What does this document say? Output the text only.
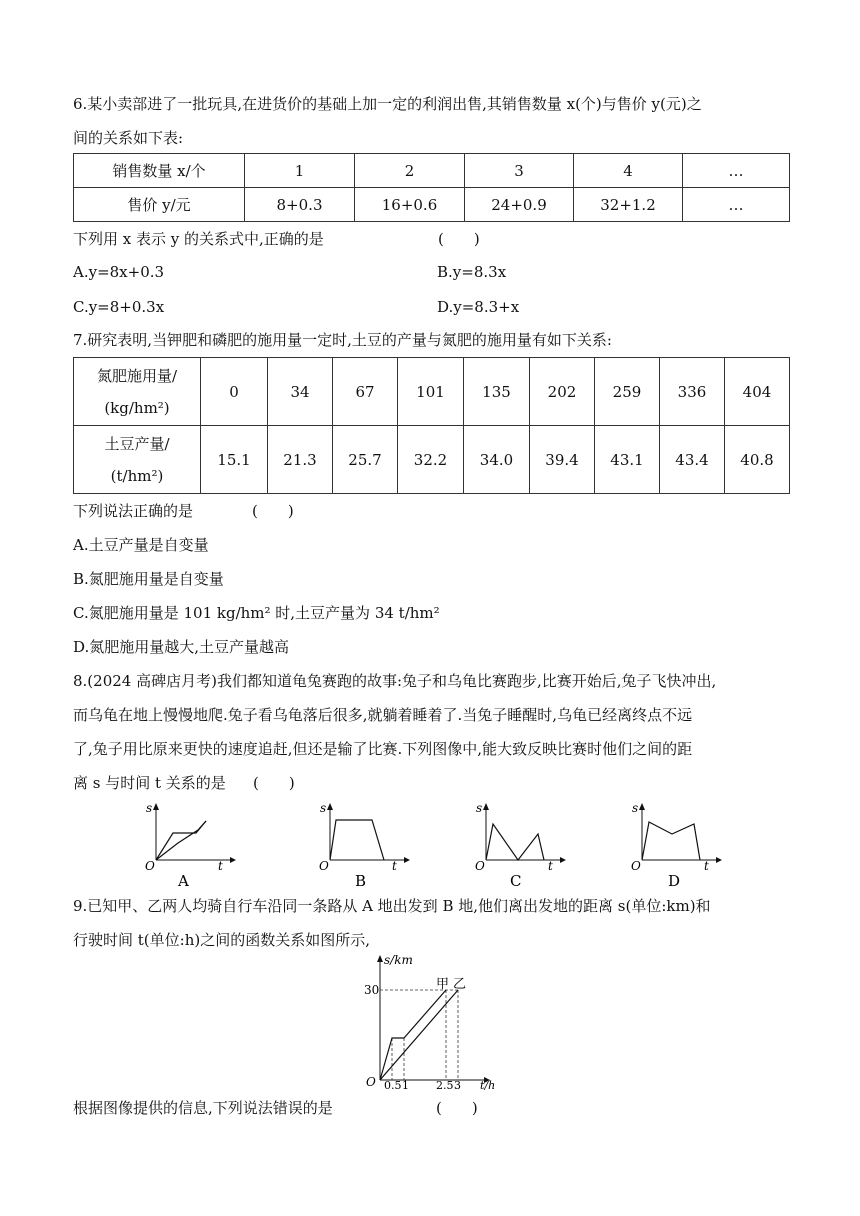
6.某小卖部进了一批玩具,在进货价的基础上加一定的利润出售,其销售数量 x(个)与售价 y(元)之
间的关系如下表:
销售数量 x/个	1	2	3	4	…
售价 y/元	8+0.3	16+0.6	24+0.9	32+1.2	…
下列用 x 表示 y 的关系式中,正确的是	(　　)
A.y=8x+0.3	B.y=8.3x
C.y=8+0.3x	D.y=8.3+x
7.研究表明,当钾肥和磷肥的施用量一定时,土豆的产量与氮肥的施用量有如下关系:
氮肥施用量/
(kg/hm²)	0	34	67	101	135	202	259	336	404

土豆产量/
(t/hm²)	15.1	21.3	25.7	32.2	34.0	39.4	43.1	43.4	40.8
下列说法正确的是	(　　)
A.土豆产量是自变量
B.氮肥施用量是自变量
C.氮肥施用量是 101 kg/hm² 时,土豆产量为 34 t/hm²
D.氮肥施用量越大,土豆产量越高
8.(2024 高碑店月考)我们都知道龟兔赛跑的故事:兔子和乌龟比赛跑步,比赛开始后,兔子飞快冲出,
而乌龟在地上慢慢地爬.兔子看乌龟落后很多,就躺着睡着了.当兔子睡醒时,乌龟已经离终点不远
了,兔子用比原来更快的速度追赶,但还是输了比赛.下列图像中,能大致反映比赛时他们之间的距
离 s 与时间 t 关系的是 (　　)
s
O	t
A
s
O	t
B
s
O	t
C
s
O	t
D
9.已知甲、乙两人均骑自行车沿同一条路从 A 地出发到 B 地,他们离出发地的距离 s(单位:km)和
行驶时间 t(单位:h)之间的函数关系如图所示,
s/km
30
O 0.5 1 2.5 3 t/h
甲 乙
根据图像提供的信息,下列说法错误的是	(　　)
